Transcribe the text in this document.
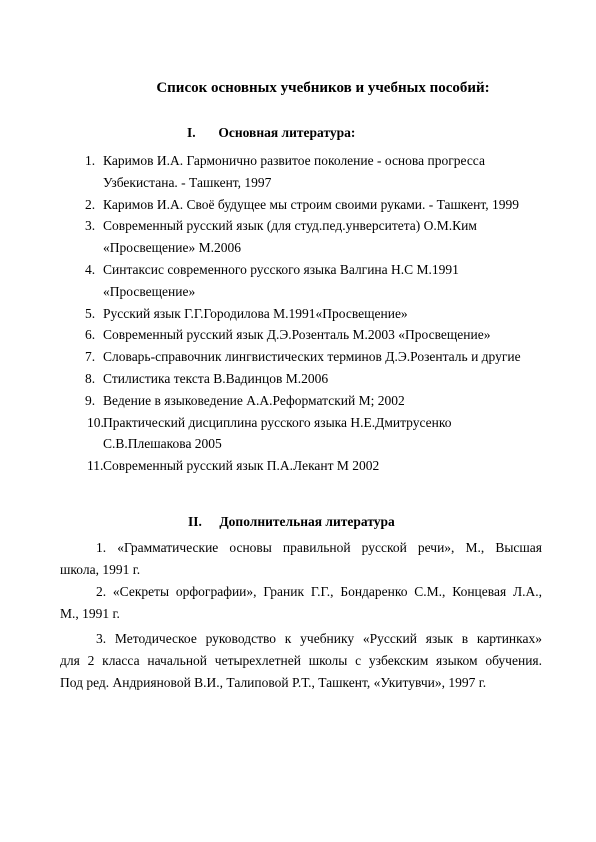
Список основных учебников и учебных пособий:
I. Основная литература:
1. Каримов И.А. Гармонично развитое поколение - основа прогресса
Узбекистана. - Ташкент, 1997
2. Каримов И.А. Своё будущее мы строим своими руками. - Ташкент, 1999
3. Современный русский язык (для студ.пед.унверситета) О.М.Ким
«Просвещение» М.2006
4. Синтаксис современного русского языка Валгина Н.С М.1991
«Просвещение»
5. Русский язык Г.Г.Городилова М.1991«Просвещение»
6. Современный русский язык Д.Э.Розенталь М.2003 «Просвещение»
7. Словарь-справочник лингвистических терминов Д.Э.Розенталь и другие
8. Стилистика текста В.Вадинцов М.2006
9. Ведение в языковедение А.А.Реформатский М; 2002
10. Практический дисциплина русского языка Н.Е.Дмитрусенко
С.В.Плешакова 2005
11. Современный русский язык П.А.Лекант М 2002
II. Дополнительная литература
1. «Грамматические основы правильной русской речи», М., Высшая
школа, 1991 г.
2. «Секреты орфографии», Граник Г.Г., Бондаренко С.М., Концевая Л.А.,
М., 1991 г.
3. Методическое руководство к учебнику «Русский язык в картинках»
для 2 класса начальной четырехлетней школы с узбекским языком обучения.
Под ред. Андрияновой В.И., Талиповой Р.Т., Ташкент, «Укитувчи», 1997 г.
